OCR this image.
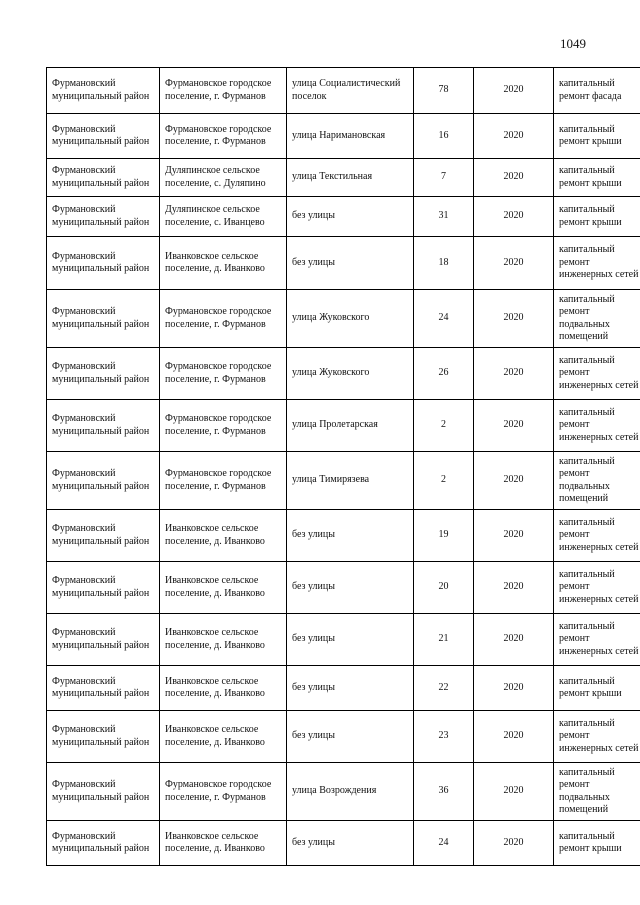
1049
Фурмановский муниципальный район	Фурмановское городское поселение, г. Фурманов	улица Социалистический поселок	78	2020	капитальный ремонт фасада
Фурмановский муниципальный район	Фурмановское городское поселение, г. Фурманов	улица Наримановская	16	2020	капитальный ремонт крыши
Фурмановский муниципальный район	Дуляпинское сельское поселение, с. Дуляпино	улица Текстильная	7	2020	капитальный ремонт крыши
Фурмановский муниципальный район	Дуляпинское сельское поселение, с. Иванцево	без улицы	31	2020	капитальный ремонт крыши
Фурмановский муниципальный район	Иванковское сельское поселение, д. Иванково	без улицы	18	2020	капитальный ремонт инженерных сетей
Фурмановский муниципальный район	Фурмановское городское поселение, г. Фурманов	улица Жуковского	24	2020	капитальный ремонт подвальных помещений
Фурмановский муниципальный район	Фурмановское городское поселение, г. Фурманов	улица Жуковского	26	2020	капитальный ремонт инженерных сетей
Фурмановский муниципальный район	Фурмановское городское поселение, г. Фурманов	улица Пролетарская	2	2020	капитальный ремонт инженерных сетей
Фурмановский муниципальный район	Фурмановское городское поселение, г. Фурманов	улица Тимирязева	2	2020	капитальный ремонт подвальных помещений
Фурмановский муниципальный район	Иванковское сельское поселение, д. Иванково	без улицы	19	2020	капитальный ремонт инженерных сетей
Фурмановский муниципальный район	Иванковское сельское поселение, д. Иванково	без улицы	20	2020	капитальный ремонт инженерных сетей
Фурмановский муниципальный район	Иванковское сельское поселение, д. Иванково	без улицы	21	2020	капитальный ремонт инженерных сетей
Фурмановский муниципальный район	Иванковское сельское поселение, д. Иванково	без улицы	22	2020	капитальный ремонт крыши
Фурмановский муниципальный район	Иванковское сельское поселение, д. Иванково	без улицы	23	2020	капитальный ремонт инженерных сетей
Фурмановский муниципальный район	Фурмановское городское поселение, г. Фурманов	улица Возрождения	36	2020	капитальный ремонт подвальных помещений
Фурмановский муниципальный район	Иванковское сельское поселение, д. Иванково	без улицы	24	2020	капитальный ремонт крыши
